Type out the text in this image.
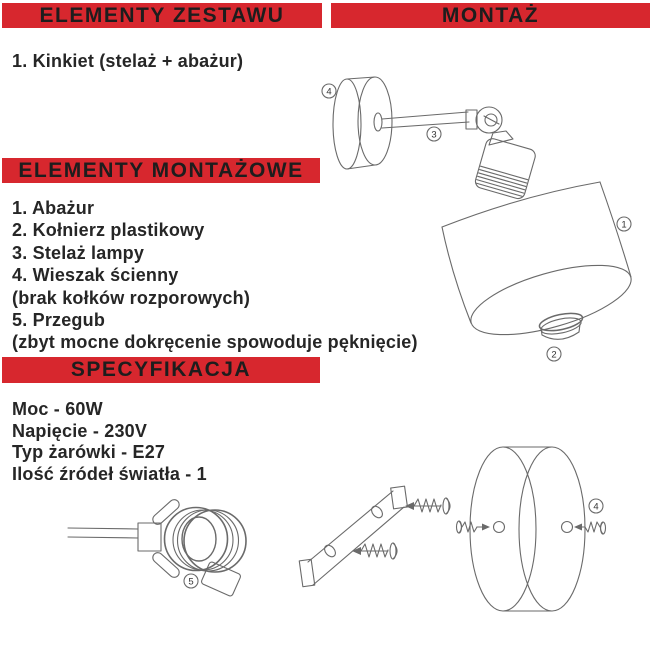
ELEMENTY ZESTAWU	MONTAŻ
1. Kinkiet (stelaż + abażur)
ELEMENTY MONTAŻOWE
1. Abażur
2. Kołnierz plastikowy
3. Stelaż lampy
4. Wieszak ścienny
(brak kołków rozporowych)
5. Przegub
(zbyt mocne dokręcenie spowoduje pęknięcie)
SPECYFIKACJA
Moc - 60W
Napięcie - 230V
Typ żarówki - E27
Ilość źródeł światła - 1
1
2
3
4
5
4
